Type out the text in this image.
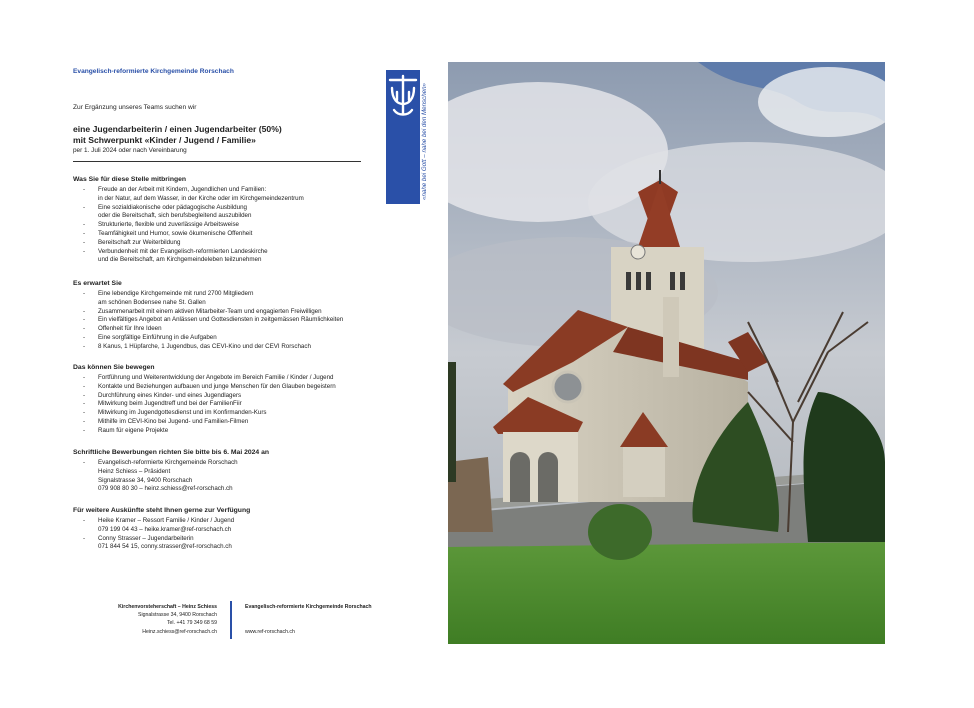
Evangelisch-reformierte Kirchgemeinde Rorschach
«nahe bei Gott – nahe bei den Menschen»
Zur Ergänzung unseres Teams suchen wir
eine Jugendarbeiterin / einen Jugendarbeiter (50%)
mit Schwerpunkt «Kinder / Jugend / Familie»
per 1. Juli 2024 oder nach Vereinbarung
Was Sie für diese Stelle mitbringen
- Freude an der Arbeit mit Kindern, Jugendlichen und Familien:
in der Natur, auf dem Wasser, in der Kirche oder im Kirchgemeindezentrum
- Eine sozialdiakonische oder pädagogische Ausbildung
oder die Bereitschaft, sich berufsbegleitend auszubilden
- Strukturierte, flexible und zuverlässige Arbeitsweise
- Teamfähigkeit und Humor, sowie ökumenische Offenheit
- Bereitschaft zur Weiterbildung
- Verbundenheit mit der Evangelisch-reformierten Landeskirche
und die Bereitschaft, am Kirchgemeindeleben teilzunehmen
Es erwartet Sie
- Eine lebendige Kirchgemeinde mit rund 2700 Mitgliedern
am schönen Bodensee nahe St. Gallen
- Zusammenarbeit mit einem aktiven Mitarbeiter-Team und engagierten Freiwilligen
- Ein vielfältiges Angebot an Anlässen und Gottesdiensten in zeitgemässen Räumlichkeiten
- Offenheit für Ihre Ideen
- Eine sorgfältige Einführung in die Aufgaben
- 8 Kanus, 1 Hüpfarche, 1 Jugendbus, das CEVI-Kino und der CEVI Rorschach
Das können Sie bewegen
- Fortführung und Weiterentwicklung der Angebote im Bereich Familie / Kinder / Jugend
- Kontakte und Beziehungen aufbauen und junge Menschen für den Glauben begeistern
- Durchführung eines Kinder- und eines Jugendlagers
- Mitwirkung beim Jugendtreff und bei der FamilienFiir
- Mitwirkung im Jugendgottesdienst und im Konfirmanden-Kurs
- Mithilfe im CEVI-Kino bei Jugend- und Familien-Filmen
- Raum für eigene Projekte
Schriftliche Bewerbungen richten Sie bitte bis 6. Mai 2024 an
- Evangelisch-reformierte Kirchgemeinde Rorschach
Heinz Schiess – Präsident
Signalstrasse 34, 9400 Rorschach
079 908 80 30 – heinz.schiess@ref-rorschach.ch
Für weitere Auskünfte steht Ihnen gerne zur Verfügung
- Heike Kramer – Ressort Familie / Kinder / Jugend
079 199 04 43 – heike.kramer@ref-rorschach.ch
- Conny Strasser – Jugendarbeiterin
071 844 54 15, conny.strasser@ref-rorschach.ch
Kirchenvorsteherschaft – Heinz Schiess
Signalstrasse 34, 9400 Rorschach
Tel. +41 79 349 68 59
Heinz.schiess@ref-rorschach.ch
Evangelisch-reformierte Kirchgemeinde Rorschach

www.ref-rorschach.ch
